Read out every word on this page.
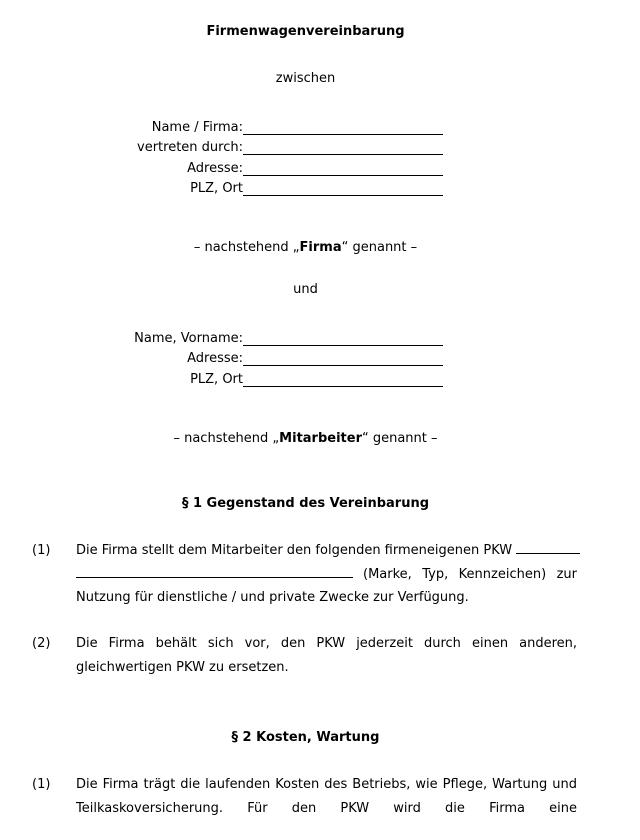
Firmenwagenvereinbarung
zwischen
Name / Firma:
vertreten durch:
Adresse:
PLZ, Ort
– nachstehend „Firma“ genannt –
und
Name, Vorname:
Adresse:
PLZ, Ort
– nachstehend „Mitarbeiter“ genannt –
§ 1 Gegenstand des Vereinbarung
(1) Die Firma stellt dem Mitarbeiter den folgenden firmeneigenen PKW
(Marke, Typ, Kennzeichen) zur
Nutzung für dienstliche / und private Zwecke zur Verfügung.
(2) Die Firma behält sich vor, den PKW jederzeit durch einen anderen,
gleichwertigen PKW zu ersetzen.
§ 2 Kosten, Wartung
(1) Die Firma trägt die laufenden Kosten des Betriebs, wie Pflege, Wartung und
Teilkaskoversicherung. Für den PKW wird die Firma eine
